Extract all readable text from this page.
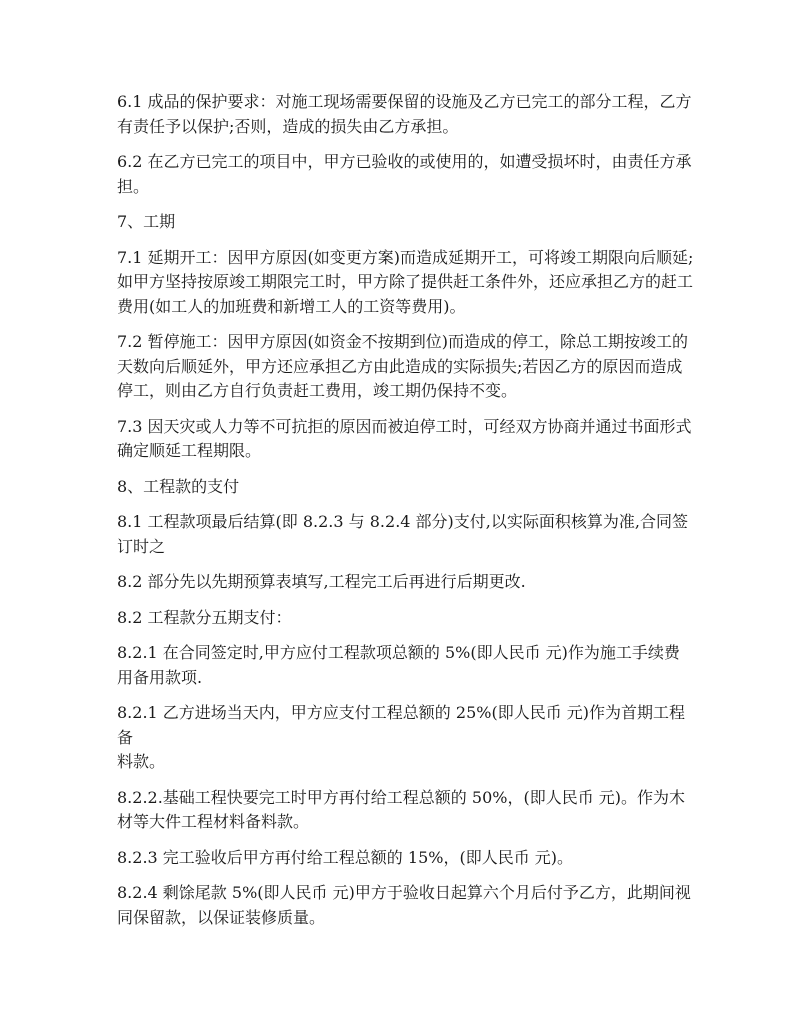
6.1 成品的保护要求：对施工现场需要保留的设施及乙方已完工的部分工程，乙方
有责任予以保护;否则，造成的损失由乙方承担。
6.2 在乙方已完工的项目中，甲方已验收的或使用的，如遭受损坏时，由责任方承
担。
7、工期
7.1 延期开工：因甲方原因(如变更方案)而造成延期开工，可将竣工期限向后顺延;
如甲方坚持按原竣工期限完工时，甲方除了提供赶工条件外，还应承担乙方的赶工
费用(如工人的加班费和新增工人的工资等费用)。
7.2 暂停施工：因甲方原因(如资金不按期到位)而造成的停工，除总工期按竣工的
天数向后顺延外，甲方还应承担乙方由此造成的实际损失;若因乙方的原因而造成
停工，则由乙方自行负责赶工费用，竣工期仍保持不变。
7.3 因天灾或人力等不可抗拒的原因而被迫停工时，可经双方协商并通过书面形式
确定顺延工程期限。
8、工程款的支付
8.1 工程款项最后结算(即 8.2.3 与 8.2.4 部分)支付,以实际面积核算为准,合同签
订时之
8.2 部分先以先期预算表填写,工程完工后再进行后期更改.
8.2 工程款分五期支付：
8.2.1 在合同签定时,甲方应付工程款项总额的 5%(即人民币 元)作为施工手续费
用备用款项.
8.2.1 乙方进场当天内，甲方应支付工程总额的 25%(即人民币 元)作为首期工程备
料款。
8.2.2.基础工程快要完工时甲方再付给工程总额的 50%，(即人民币 元)。作为木
材等大件工程材料备料款。
8.2.3 完工验收后甲方再付给工程总额的 15%，(即人民币 元)。
8.2.4 剩馀尾款 5%(即人民币 元)甲方于验收日起算六个月后付予乙方，此期间视
同保留款，以保证装修质量。
